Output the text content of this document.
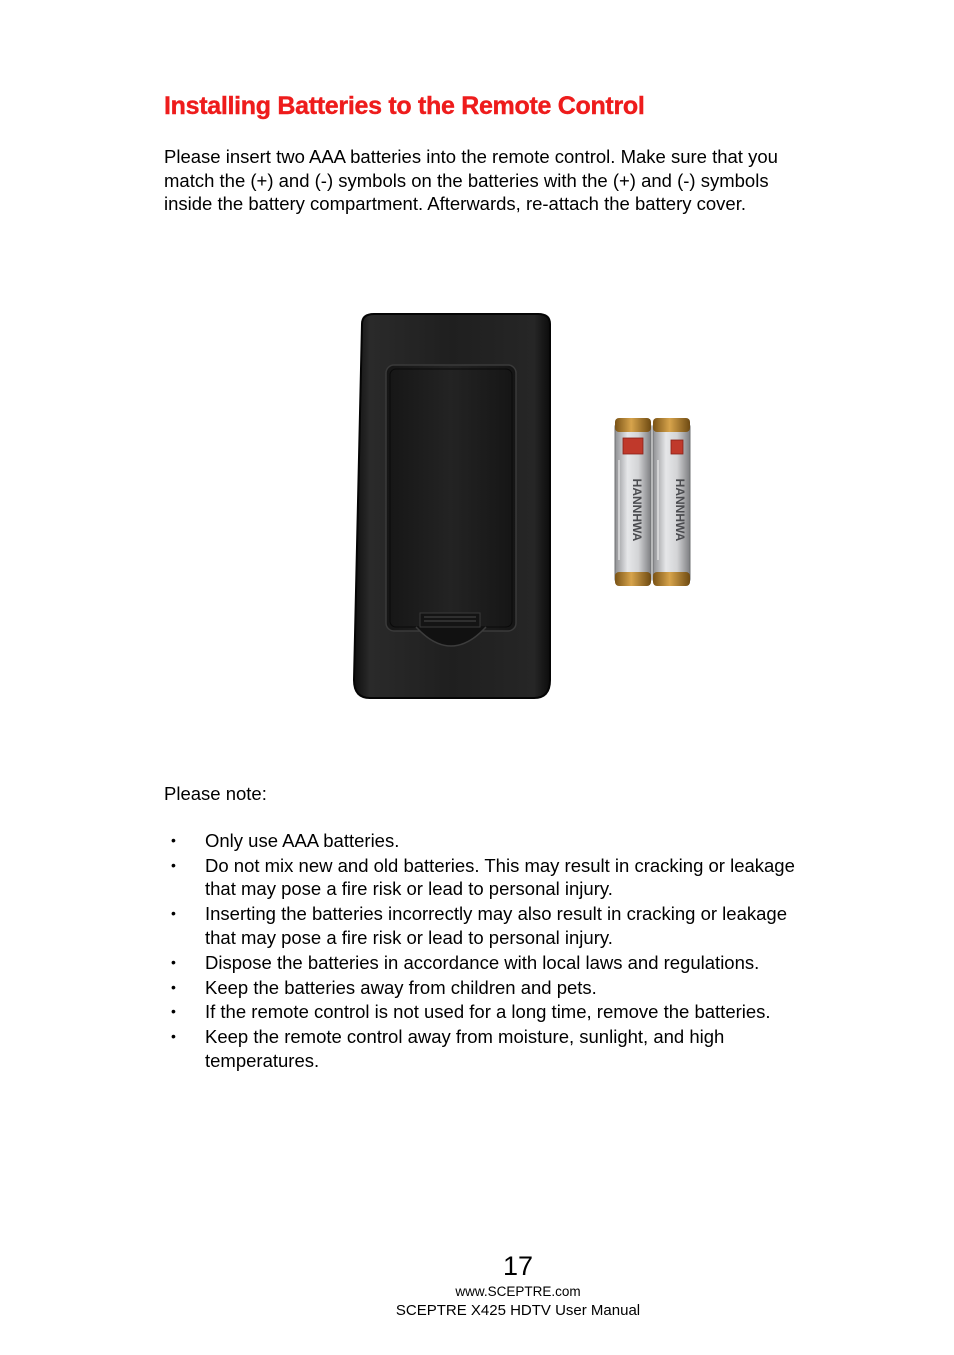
Installing Batteries to the Remote Control

Please insert two AAA batteries into the remote control. Make sure that you
match the (+) and (-) symbols on the batteries with the (+) and (-) symbols
inside the battery compartment. Afterwards, re-attach the battery cover.

HANNHWA HANNHWA

Please note:

• Only use AAA batteries.
• Do not mix new and old batteries. This may result in cracking or leakage
that may pose a fire risk or lead to personal injury.
• Inserting the batteries incorrectly may also result in cracking or leakage
that may pose a fire risk or lead to personal injury.
• Dispose the batteries in accordance with local laws and regulations.
• Keep the batteries away from children and pets.
• If the remote control is not used for a long time, remove the batteries.
• Keep the remote control away from moisture, sunlight, and high
temperatures.
17
www.SCEPTRE.com
SCEPTRE X425 HDTV User Manual
